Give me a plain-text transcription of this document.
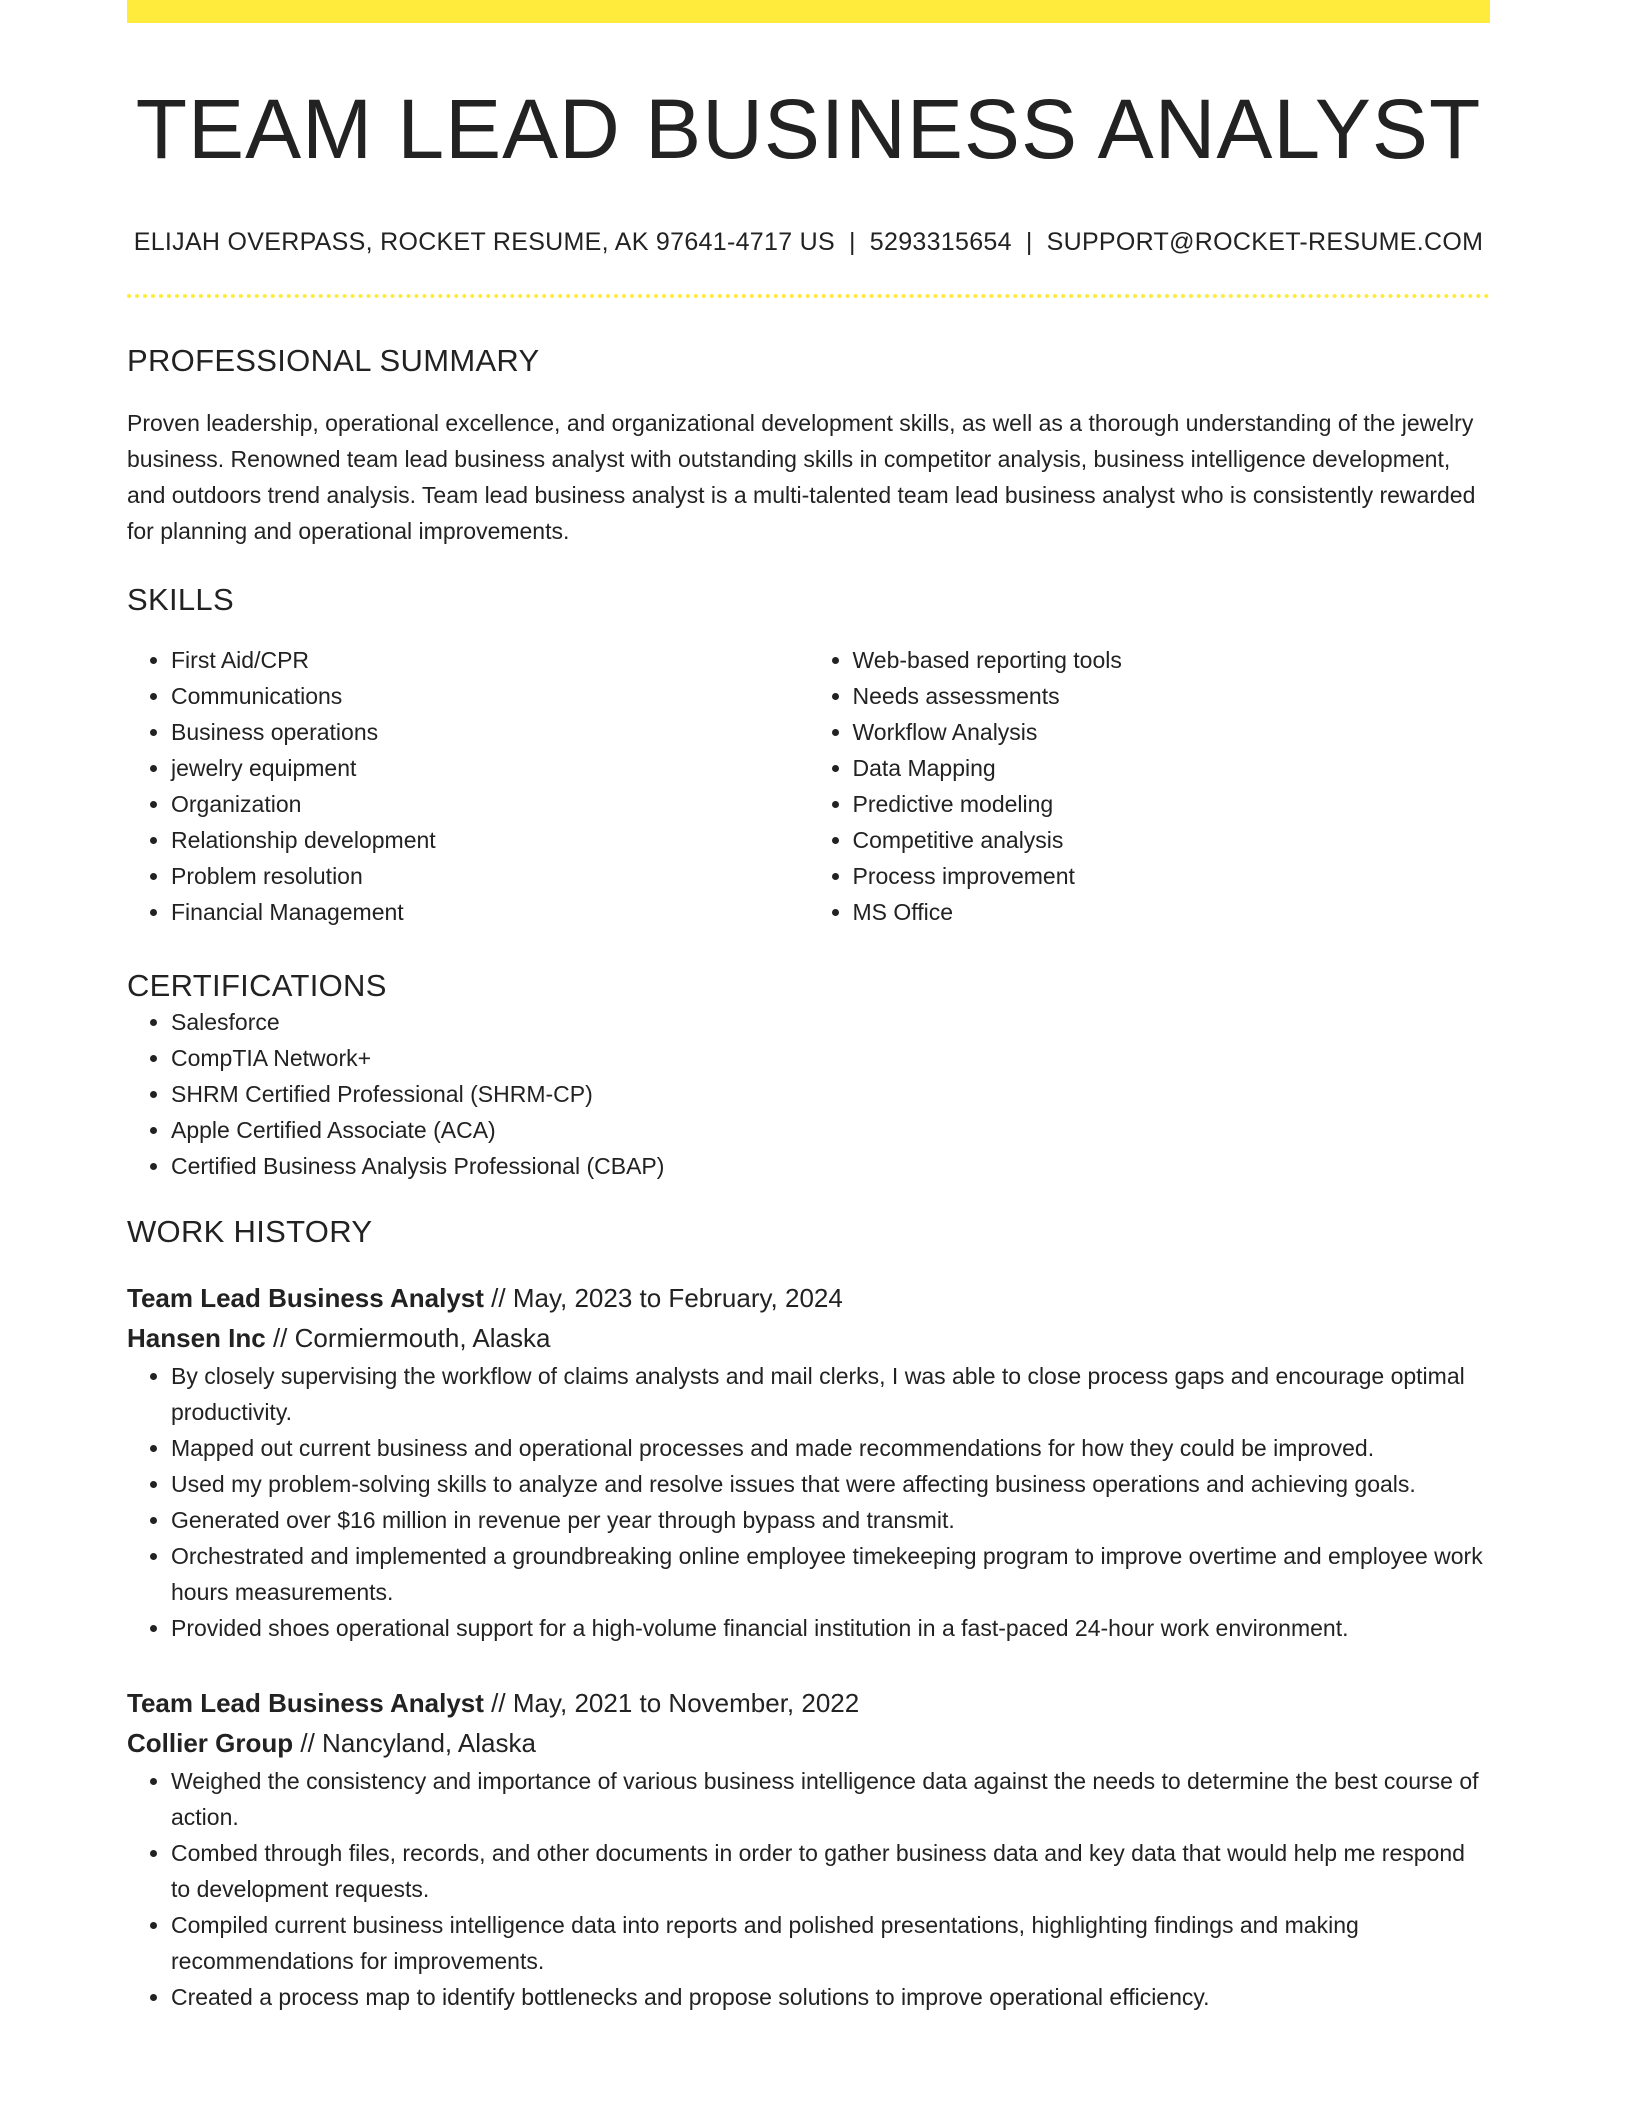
TEAM LEAD BUSINESS ANALYST
ELIJAH OVERPASS, ROCKET RESUME, AK 97641-4717 US | 5293315654 | SUPPORT@ROCKET-RESUME.COM
PROFESSIONAL SUMMARY
Proven leadership, operational excellence, and organizational development skills, as well as a thorough understanding of the jewelry business. Renowned team lead business analyst with outstanding skills in competitor analysis, business intelligence development, and outdoors trend analysis. Team lead business analyst is a multi-talented team lead business analyst who is consistently rewarded for planning and operational improvements.
SKILLS
• First Aid/CPR
• Communications
• Business operations
• jewelry equipment
• Organization
• Relationship development
• Problem resolution
• Financial Management
• Web-based reporting tools
• Needs assessments
• Workflow Analysis
• Data Mapping
• Predictive modeling
• Competitive analysis
• Process improvement
• MS Office
CERTIFICATIONS
• Salesforce
• CompTIA Network+
• SHRM Certified Professional (SHRM-CP)
• Apple Certified Associate (ACA)
• Certified Business Analysis Professional (CBAP)
WORK HISTORY
Team Lead Business Analyst // May, 2023 to February, 2024
Hansen Inc // Cormiermouth, Alaska
• By closely supervising the workflow of claims analysts and mail clerks, I was able to close process gaps and encourage optimal productivity.
• Mapped out current business and operational processes and made recommendations for how they could be improved.
• Used my problem-solving skills to analyze and resolve issues that were affecting business operations and achieving goals.
• Generated over $16 million in revenue per year through bypass and transmit.
• Orchestrated and implemented a groundbreaking online employee timekeeping program to improve overtime and employee work hours measurements.
• Provided shoes operational support for a high-volume financial institution in a fast-paced 24-hour work environment.
Team Lead Business Analyst // May, 2021 to November, 2022
Collier Group // Nancyland, Alaska
• Weighed the consistency and importance of various business intelligence data against the needs to determine the best course of action.
• Combed through files, records, and other documents in order to gather business data and key data that would help me respond to development requests.
• Compiled current business intelligence data into reports and polished presentations, highlighting findings and making recommendations for improvements.
• Created a process map to identify bottlenecks and propose solutions to improve operational efficiency.
